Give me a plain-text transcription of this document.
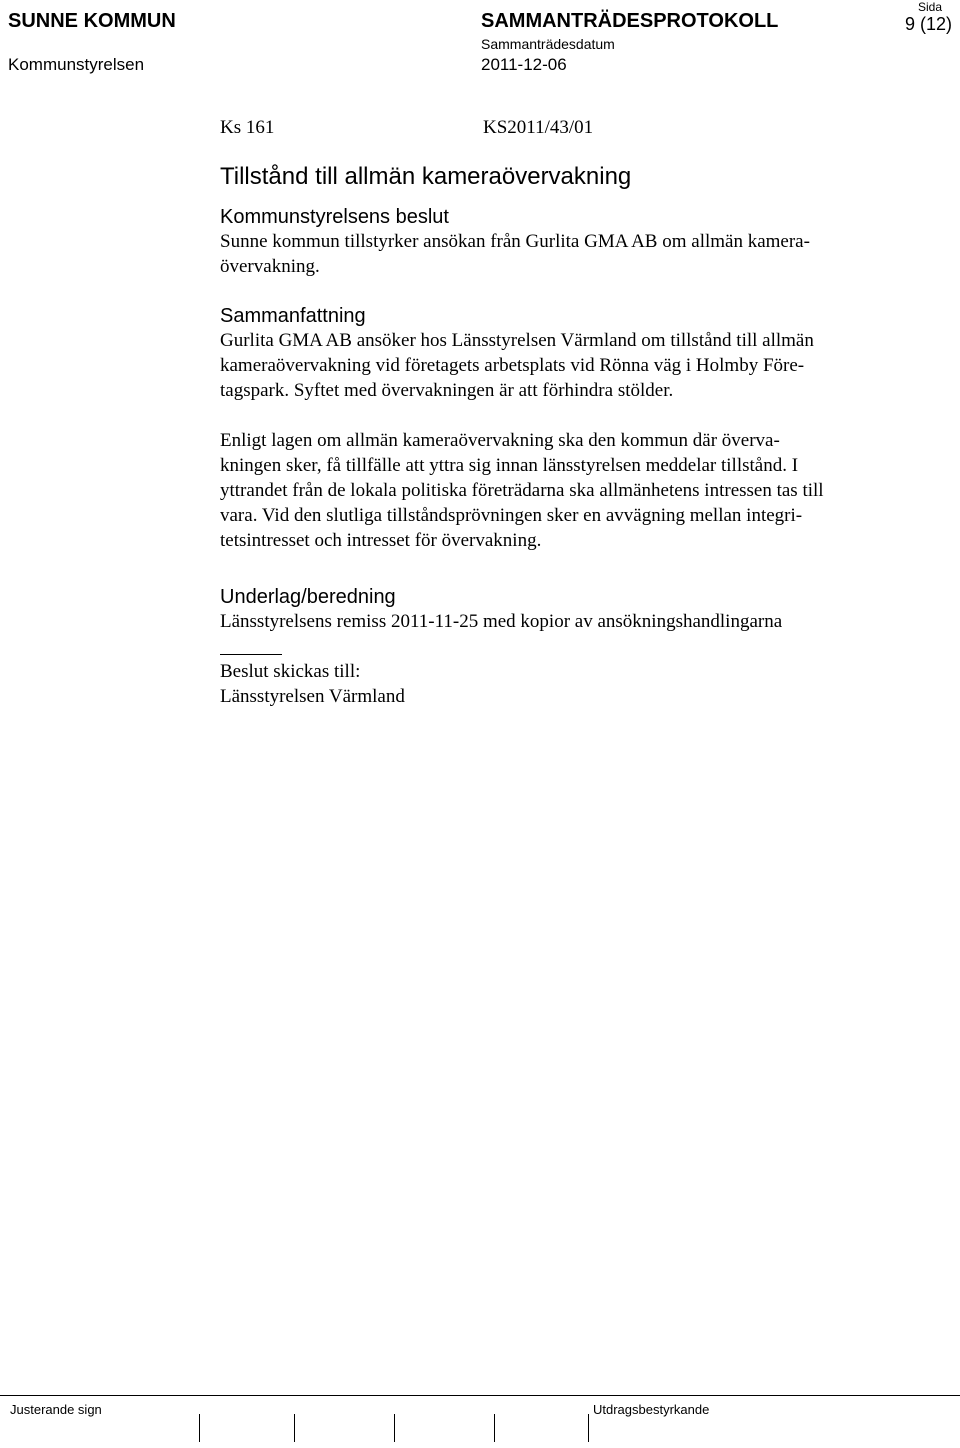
SUNNE KOMMUN
Kommunstyrelsen
SAMMANTRÄDESPROTOKOLL
Sammanträdesdatum
2011-12-06
Sida
9 (12)
Ks 161	KS2011/43/01
Tillstånd till allmän kameraövervakning
Kommunstyrelsens beslut

Sunne kommun tillstyrker ansökan från Gurlita GMA AB om allmän kamera-
övervakning.

Sammanfattning

Gurlita GMA AB ansöker hos Länsstyrelsen Värmland om tillstånd till allmän
kameraövervakning vid företagets arbetsplats vid Rönna väg i Holmby Före-
tagspark. Syftet med övervakningen är att förhindra stölder.

Enligt lagen om allmän kameraövervakning ska den kommun där överva-
kningen sker, få tillfälle att yttra sig innan länsstyrelsen meddelar tillstånd. I
yttrandet från de lokala politiska företrädarna ska allmänhetens intressen tas till
vara. Vid den slutliga tillståndsprövningen sker en avvägning mellan integri-
tetsintresset och intresset för övervakning.

Underlag/beredning

Länsstyrelsens remiss 2011-11-25 med kopior av ansökningshandlingarna

Beslut skickas till:
Länsstyrelsen Värmland

Justerande sign	Utdragsbestyrkande
